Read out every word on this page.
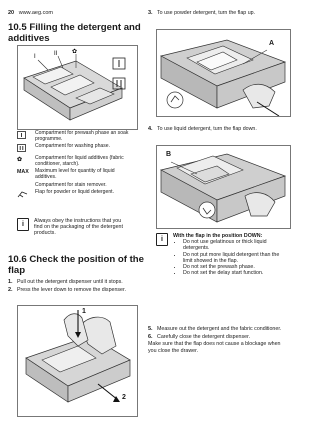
20 www.aeg.com
10.5 Filling the detergent and
additives
I	II ✿
Compartment for prewash phase an soak programme.
Compartment for washing phase.
✿	Compartment for liquid additives (fabric conditioner, starch).
MAX	Maximum level for quantity of liquid additives.
Compartment for stain remover.
Flap for powder or liquid detergent.
i	Always obey the instructions that you find on the packaging of the detergent products.
10.6 Check the position of the
flap
1. Pull out the detergent dispenser until it stops.
2. Press the lever down to remove the dispenser.
1
2
3. To use powder detergent, turn the flap up.
A
4. To use liquid detergent, turn the flap down.
B
i	With the flap in the position DOWN:
• Do not use gelatinous or thick liquid detergents.
• Do not put more liquid detergent than the limit showed in the flap.
• Do not set the prewash phase.
• Do not set the delay start function.
5. Measure out the detergent and the fabric conditioner.
6. Carefully close the detergent dispenser.
Make sure that the flap does not cause a blockage when you close the drawer.
